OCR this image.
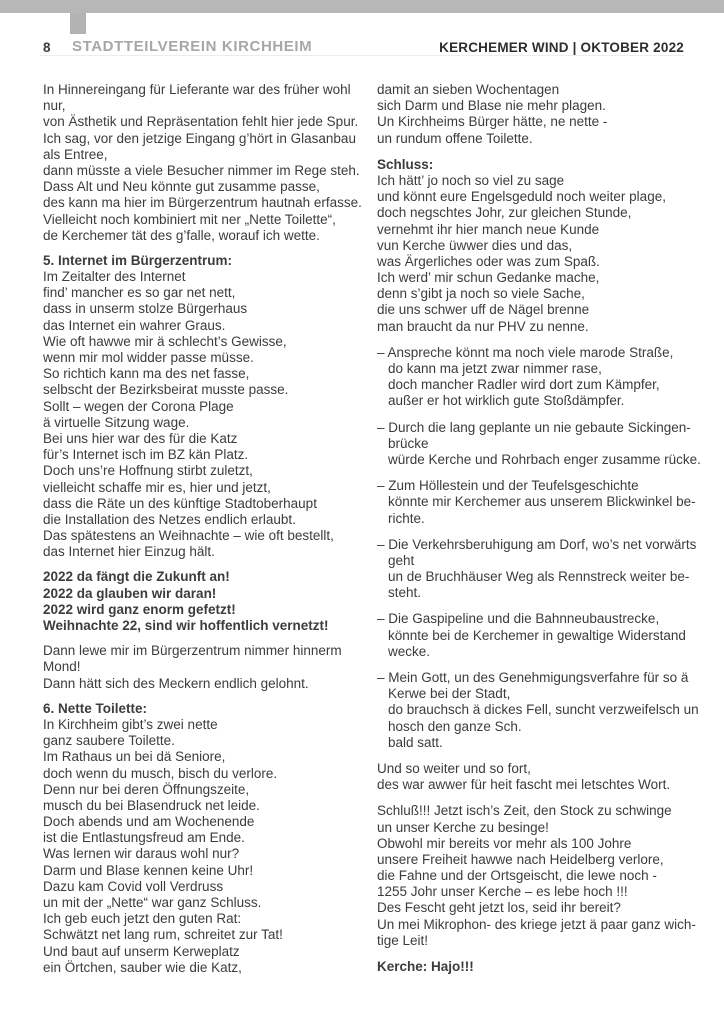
8 STADTTEILVEREIN KIRCHHEIM	KERCHEMER WIND | OKTOBER 2022
In Hinnereingang für Lieferante war des früher wohl
nur,
von Ästhetik und Repräsentation fehlt hier jede Spur.
Ich sag, vor den jetzige Eingang g’hört in Glasanbau
als Entree,
dann müsste a viele Besucher nimmer im Rege steh.
Dass Alt und Neu könnte gut zusamme passe,
des kann ma hier im Bürgerzentrum hautnah erfasse.
Vielleicht noch kombiniert mit ner „Nette Toilette“,
de Kerchemer tät des g’falle, worauf ich wette.
5. Internet im Bürgerzentrum:
Im Zeitalter des Internet
find’ mancher es so gar net nett,
dass in unserm stolze Bürgerhaus
das Internet ein wahrer Graus.
Wie oft hawwe mir ä schlecht’s Gewisse,
wenn mir mol widder passe müsse.
So richtich kann ma des net fasse,
selbscht der Bezirksbeirat musste passe.
Sollt – wegen der Corona Plage
ä virtuelle Sitzung wage.
Bei uns hier war des für die Katz
für’s Internet isch im BZ kän Platz.
Doch uns’re Hoffnung stirbt zuletzt,
vielleicht schaffe mir es, hier und jetzt,
dass die Räte un des künftige Stadtoberhaupt
die Installation des Netzes endlich erlaubt.
Das spätestens an Weihnachte – wie oft bestellt,
das Internet hier Einzug hält.
2022 da fängt die Zukunft an!
2022 da glauben wir daran!
2022 wird ganz enorm gefetzt!
Weihnachte 22, sind wir hoffentlich vernetzt!
Dann lewe mir im Bürgerzentrum nimmer hinnerm
Mond!
Dann hätt sich des Meckern endlich gelohnt.
6. Nette Toilette:
In Kirchheim gibt’s zwei nette
ganz saubere Toilette.
Im Rathaus un bei dä Seniore,
doch wenn du musch, bisch du verlore.
Denn nur bei deren Öffnungszeite,
musch du bei Blasendruck net leide.
Doch abends und am Wochenende
ist die Entlastungsfreud am Ende.
Was lernen wir daraus wohl nur?
Darm und Blase kennen keine Uhr!
Dazu kam Covid voll Verdruss
un mit der „Nette“ war ganz Schluss.
Ich geb euch jetzt den guten Rat:
Schwätzt net lang rum, schreitet zur Tat!
Und baut auf unserm Kerweplatz
ein Örtchen, sauber wie die Katz,
damit an sieben Wochentagen
sich Darm und Blase nie mehr plagen.
Un Kirchheims Bürger hätte, ne nette -
un rundum offene Toilette.
Schluss:
Ich hätt’ jo noch so viel zu sage
und könnt eure Engelsgeduld noch weiter plage,
doch negschtes Johr, zur gleichen Stunde,
vernehmt ihr hier manch neue Kunde
vun Kerche üwwer dies und das,
was Ärgerliches oder was zum Spaß.
Ich werd’ mir schun Gedanke mache,
denn s’gibt ja noch so viele Sache,
die uns schwer uff de Nägel brenne
man braucht da nur PHV zu nenne.
– Anspreche könnt ma noch viele marode Straße,
do kann ma jetzt zwar nimmer rase,
doch mancher Radler wird dort zum Kämpfer,
außer er hot wirklich gute Stoßdämpfer.
– Durch die lang geplante un nie gebaute Sickingen-
brücke
würde Kerche und Rohrbach enger zusamme rücke.
– Zum Höllestein und der Teufelsgeschichte
könnte mir Kerchemer aus unserem Blickwinkel be-
richte.
– Die Verkehrsberuhigung am Dorf, wo’s net vorwärts
geht
un de Bruchhäuser Weg als Rennstreck weiter be-
steht.
– Die Gaspipeline und die Bahnneubaustrecke,
könnte bei de Kerchemer in gewaltige Widerstand
wecke.
– Mein Gott, un des Genehmigungsverfahre für so ä
Kerwe bei der Stadt,
do brauchsch ä dickes Fell, suncht verzweifelsch un
hosch den ganze Sch.
bald satt.
Und so weiter und so fort,
des war awwer für heit fascht mei letschtes Wort.
Schluß!!! Jetzt isch’s Zeit, den Stock zu schwinge
un unser Kerche zu besinge!
Obwohl mir bereits vor mehr als 100 Johre
unsere Freiheit hawwe nach Heidelberg verlore,
die Fahne und der Ortsgeischt, die lewe noch -
1255 Johr unser Kerche – es lebe hoch !!!
Des Fescht geht jetzt los, seid ihr bereit?
Un mei Mikrophon- des kriege jetzt ä paar ganz wich-
tige Leit!
Kerche: Hajo!!!
